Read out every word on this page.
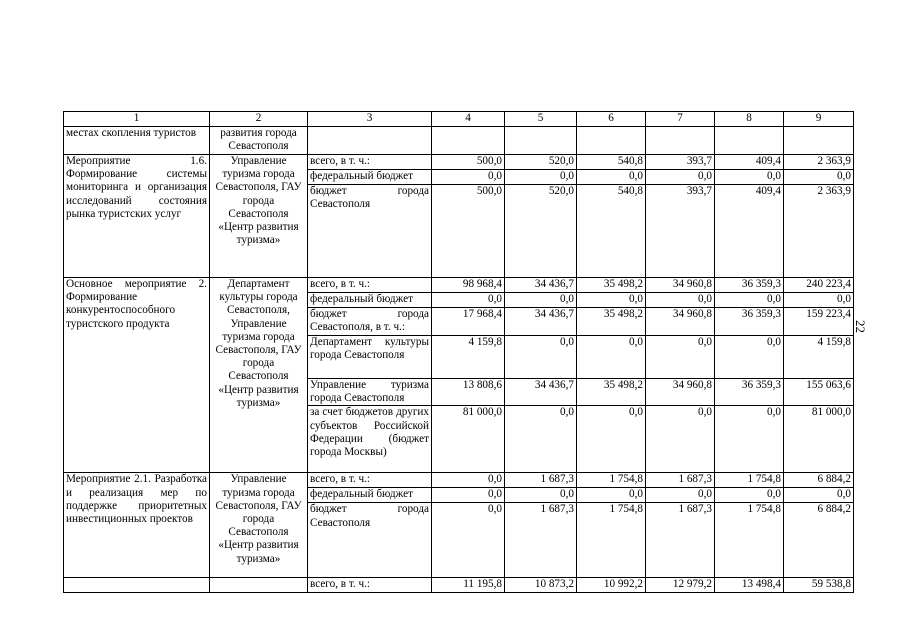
1	2	3	4	5	6	7	8	9
местах скопления туристов	развития города Севастополя							
Мероприятие 1.6. Формирование системы мониторинга и организация исследований состояния рынка туристских услуг	Управление туризма города Севастополя, ГАУ города Севастополя «Центр развития туризма»	всего, в т. ч.:	500,0	520,0	540,8	393,7	409,4	2 363,9
		федеральный бюджет	0,0	0,0	0,0	0,0	0,0	0,0
		бюджет города Севастополя	500,0	520,0	540,8	393,7	409,4	2 363,9
Основное мероприятие 2. Формирование конкурентоспособного туристского продукта	Департамент культуры города Севастополя, Управление туризма города Севастополя, ГАУ города Севастополя «Центр развития туризма»	всего, в т. ч.:	98 968,4	34 436,7	35 498,2	34 960,8	36 359,3	240 223,4
		федеральный бюджет	0,0	0,0	0,0	0,0	0,0	0,0
		бюджет города Севастополя, в т. ч.:	17 968,4	34 436,7	35 498,2	34 960,8	36 359,3	159 223,4
		Департамент культуры города Севастополя	4 159,8	0,0	0,0	0,0	0,0	4 159,8
		Управление туризма города Севастополя	13 808,6	34 436,7	35 498,2	34 960,8	36 359,3	155 063,6
		за счет бюджетов других субъектов Российской Федерации (бюджет города Москвы)	81 000,0	0,0	0,0	0,0	0,0	81 000,0
Мероприятие 2.1. Разработка и реализация мер по поддержке приоритетных инвестиционных проектов	Управление туризма города Севастополя, ГАУ города Севастополя «Центр развития туризма»	всего, в т. ч.:	0,0	1 687,3	1 754,8	1 687,3	1 754,8	6 884,2
		федеральный бюджет	0,0	0,0	0,0	0,0	0,0	0,0
		бюджет города Севастополя	0,0	1 687,3	1 754,8	1 687,3	1 754,8	6 884,2
		всего, в т. ч.:	11 195,8	10 873,2	10 992,2	12 979,2	13 498,4	59 538,8
22
